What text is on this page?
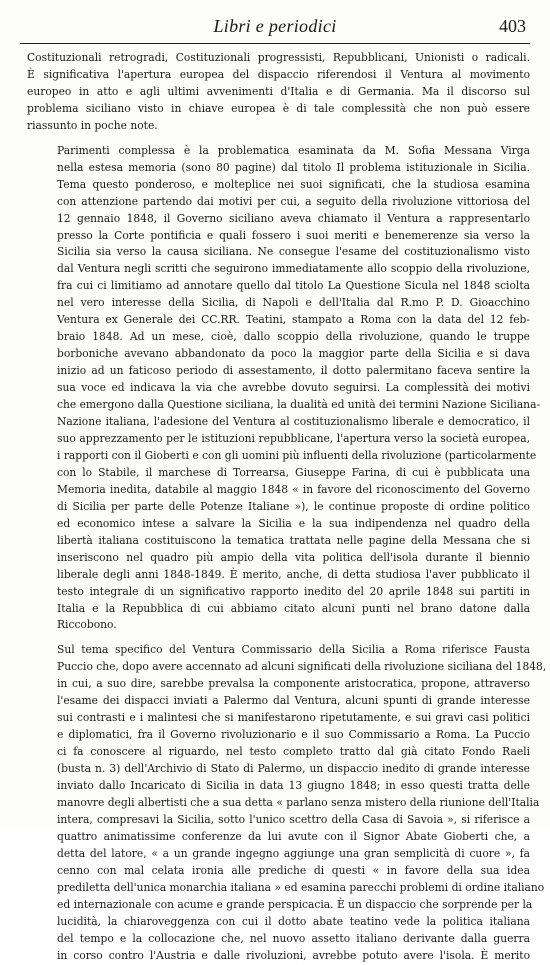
Libri e periodici	403
Costituzionali retrogradi, Costituzionali progressisti, Repubblicani, Unionisti o radicali.
È significativa l'apertura europea del dispaccio riferendosi il Ventura al movimento
europeo in atto e agli ultimi avvenimenti d'Italia e di Germania. Ma il discorso sul
problema siciliano visto in chiave europea è di tale complessità che non può essere
riassunto in poche note.
Parimenti complessa è la problematica esaminata da M. Sofia Messana Virga
nella estesa memoria (sono 80 pagine) dal titolo Il problema istituzionale in Sicilia.
Tema questo ponderoso, e molteplice nei suoi significati, che la studiosa esamina
con attenzione partendo dai motivi per cui, a seguito della rivoluzione vittoriosa del
12 gennaio 1848, il Governo siciliano aveva chiamato il Ventura a rappresentarlo
presso la Corte pontificia e quali fossero i suoi meriti e benemerenze sia verso la
Sicilia sia verso la causa siciliana. Ne consegue l'esame del costituzionalismo visto
dal Ventura negli scritti che seguirono immediatamente allo scoppio della rivoluzione,
fra cui ci limitiamo ad annotare quello dal titolo La Questione Sicula nel 1848 sciolta
nel vero interesse della Sicilia, di Napoli e dell'Italia dal R.mo P. D. Gioacchino
Ventura ex Generale dei CC.RR. Teatini, stampato a Roma con la data del 12 feb-
braio 1848. Ad un mese, cioè, dallo scoppio della rivoluzione, quando le truppe
borboniche avevano abbandonato da poco la maggior parte della Sicilia e si dava
inizio ad un faticoso periodo di assestamento, il dotto palermitano faceva sentire la
sua voce ed indicava la via che avrebbe dovuto seguirsi. La complessità dei motivi
che emergono dalla Questione siciliana, la dualità ed unità dei termini Nazione Siciliana-
Nazione italiana, l'adesione del Ventura al costituzionalismo liberale e democratico, il
suo apprezzamento per le istituzioni repubblicane, l'apertura verso la società europea,
i rapporti con il Gioberti e con gli uomini più influenti della rivoluzione (particolarmente
con lo Stabile, il marchese di Torrearsa, Giuseppe Farina, di cui è pubblicata una
Memoria inedita, databile al maggio 1848 « in favore del riconoscimento del Governo
di Sicilia per parte delle Potenze Italiane »), le continue proposte di ordine politico
ed economico intese a salvare la Sicilia e la sua indipendenza nel quadro della
libertà italiana costituiscono la tematica trattata nelle pagine della Messana che si
inseriscono nel quadro più ampio della vita politica dell'isola durante il biennio
liberale degli anni 1848-1849. È merito, anche, di detta studiosa l'aver pubblicato il
testo integrale di un significativo rapporto inedito del 20 aprile 1848 sui partiti in
Italia e la Repubblica di cui abbiamo citato alcuni punti nel brano datone dalla
Riccobono.
Sul tema specifico del Ventura Commissario della Sicilia a Roma riferisce Fausta
Puccio che, dopo avere accennato ad alcuni significati della rivoluzione siciliana del 1848,
in cui, a suo dire, sarebbe prevalsa la componente aristocratica, propone, attraverso
l'esame dei dispacci inviati a Palermo dal Ventura, alcuni spunti di grande interesse
sui contrasti e i malintesi che si manifestarono ripetutamente, e sui gravi casi politici
e diplomatici, fra il Governo rivoluzionario e il suo Commissario a Roma. La Puccio
ci fa conoscere al riguardo, nel testo completo tratto dal già citato Fondo Raeli
(busta n. 3) dell'Archivio di Stato di Palermo, un dispaccio inedito di grande interesse
inviato dallo Incaricato di Sicilia in data 13 giugno 1848; in esso questi tratta delle
manovre degli albertisti che a sua detta « parlano senza mistero della riunione dell'Italia
intera, compresavi la Sicilia, sotto l'unico scettro della Casa di Savoia », si riferisce a
quattro animatissime conferenze da lui avute con il Signor Abate Gioberti che, a
detta del latore, « a un grande ingegno aggiunge una gran semplicità di cuore », fa
cenno con mal celata ironia alle prediche di questi « in favore della sua idea
prediletta dell'unica monarchia italiana » ed esamina parecchi problemi di ordine italiano
ed internazionale con acume e grande perspicacia. È un dispaccio che sorprende per la
lucidità, la chiaroveggenza con cui il dotto abate teatino vede la politica italiana
del tempo e la collocazione che, nel nuovo assetto italiano derivante dalla guerra
in corso contro l'Austria e dalle rivoluzioni, avrebbe potuto avere l'isola. È merito
